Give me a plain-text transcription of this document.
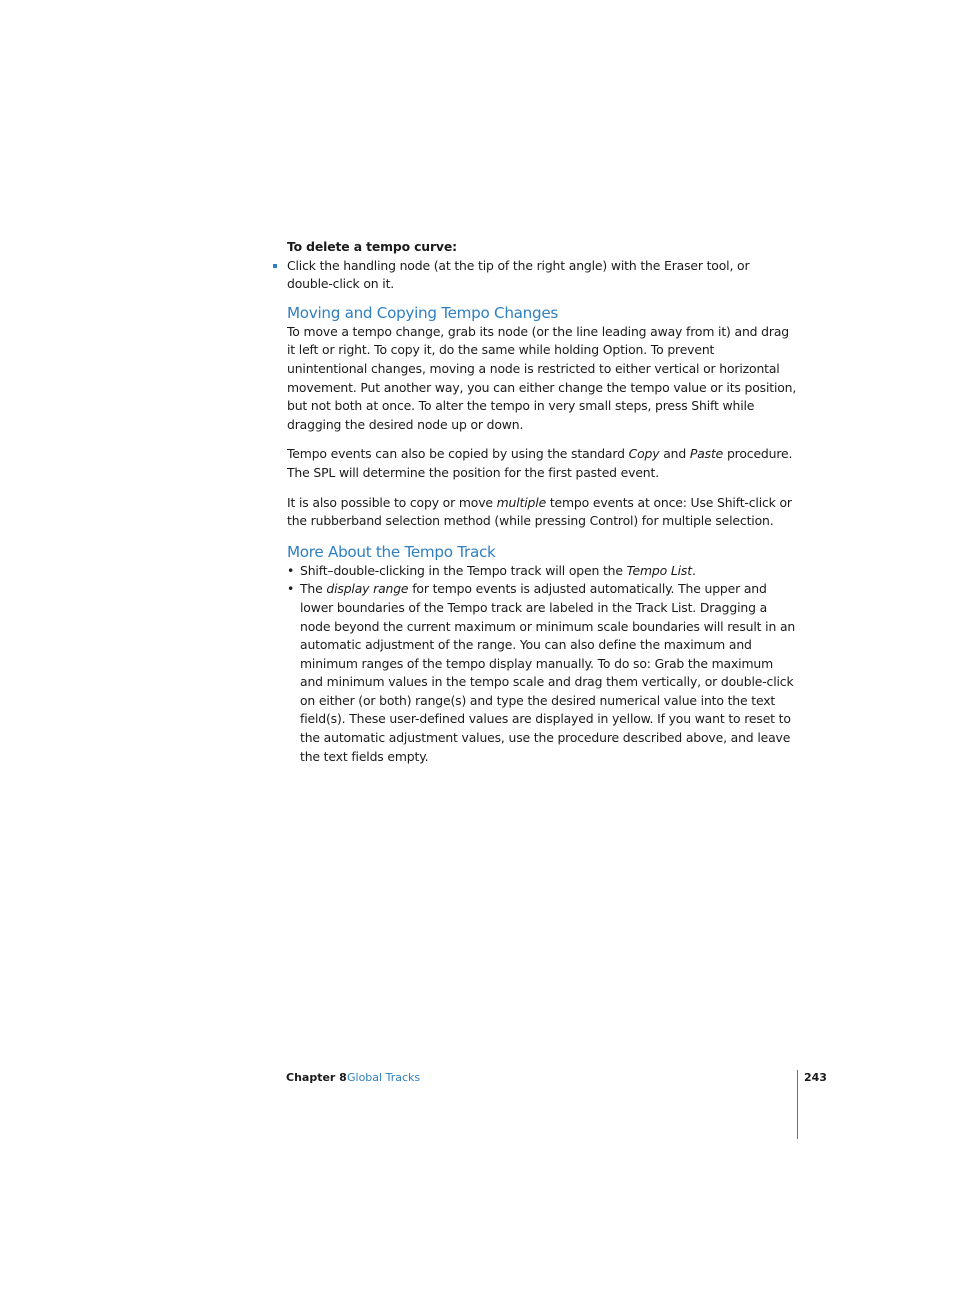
To delete a tempo curve:

Click the handling node (at the tip of the right angle) with the Eraser tool, or double-click on it.

Moving and Copying Tempo Changes

To move a tempo change, grab its node (or the line leading away from it) and drag it left or right. To copy it, do the same while holding Option. To prevent unintentional changes, moving a node is restricted to either vertical or horizontal movement. Put another way, you can either change the tempo value or its position, but not both at once. To alter the tempo in very small steps, press Shift while dragging the desired node up or down.

Tempo events can also be copied by using the standard Copy and Paste procedure. The SPL will determine the position for the first pasted event.

It is also possible to copy or move multiple tempo events at once: Use Shift-click or the rubberband selection method (while pressing Control) for multiple selection.

More About the Tempo Track
• Shift–double-clicking in the Tempo track will open the Tempo List.
• The display range for tempo events is adjusted automatically. The upper and lower boundaries of the Tempo track are labeled in the Track List. Dragging a node beyond the current maximum or minimum scale boundaries will result in an automatic adjustment of the range. You can also define the maximum and minimum ranges of the tempo display manually. To do so: Grab the maximum and minimum values in the tempo scale and drag them vertically, or double-click on either (or both) range(s) and type the desired numerical value into the text field(s). These user-defined values are displayed in yellow. If you want to reset to the automatic adjustment values, use the procedure described above, and leave the text fields empty.
Chapter 8 Global Tracks	243
